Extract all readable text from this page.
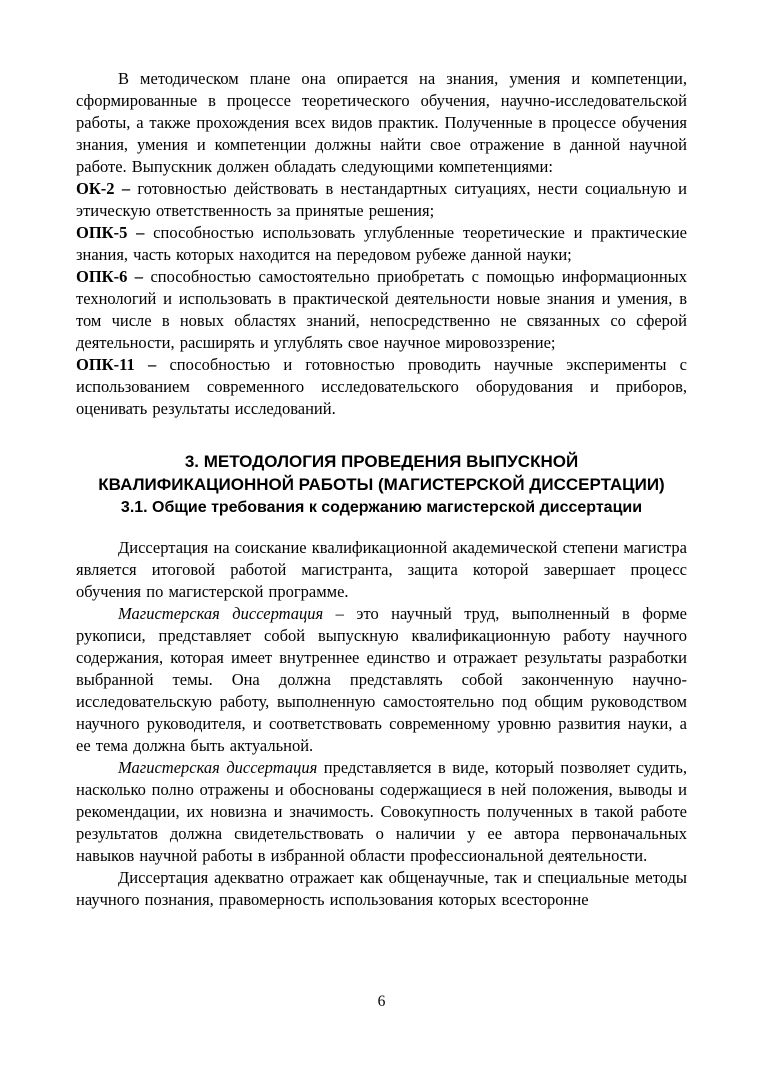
В методическом плане она опирается на знания, умения и компетенции, сформированные в процессе теоретического обучения, научно-исследовательской работы, а также прохождения всех видов практик. Полученные в процессе обучения знания, умения и компетенции должны найти свое отражение в данной научной работе. Выпускник должен обладать следующими компетенциями:

ОК-2 – готовностью действовать в нестандартных ситуациях, нести социальную и этическую ответственность за принятые решения;

ОПК-5 – способностью использовать углубленные теоретические и практические знания, часть которых находится на передовом рубеже данной науки;

ОПК-6 – способностью самостоятельно приобретать с помощью информационных технологий и использовать в практической деятельности новые знания и умения, в том числе в новых областях знаний, непосредственно не связанных со сферой деятельности, расширять и углублять свое научное мировоззрение;

ОПК-11 – способностью и готовностью проводить научные эксперименты с использованием современного исследовательского оборудования и приборов, оценивать результаты исследований.

3. МЕТОДОЛОГИЯ ПРОВЕДЕНИЯ ВЫПУСКНОЙ
КВАЛИФИКАЦИОННОЙ РАБОТЫ (МАГИСТЕРСКОЙ ДИССЕРТАЦИИ)
3.1. Общие требования к содержанию магистерской диссертации

Диссертация на соискание квалификационной академической степени магистра является итоговой работой магистранта, защита которой завершает процесс обучения по магистерской программе.

Магистерская диссертация – это научный труд, выполненный в форме рукописи, представляет собой выпускную квалификационную работу научного содержания, которая имеет внутреннее единство и отражает результаты разработки выбранной темы. Она должна представлять собой законченную научно-исследовательскую работу, выполненную самостоятельно под общим руководством научного руководителя, и соответствовать современному уровню развития науки, а ее тема должна быть актуальной.

Магистерская диссертация представляется в виде, который позволяет судить, насколько полно отражены и обоснованы содержащиеся в ней положения, выводы и рекомендации, их новизна и значимость. Совокупность полученных в такой работе результатов должна свидетельствовать о наличии у ее автора первоначальных навыков научной работы в избранной области профессиональной деятельности.

Диссертация адекватно отражает как общенаучные, так и специальные методы научного познания, правомерность использования которых всесторонне

6
